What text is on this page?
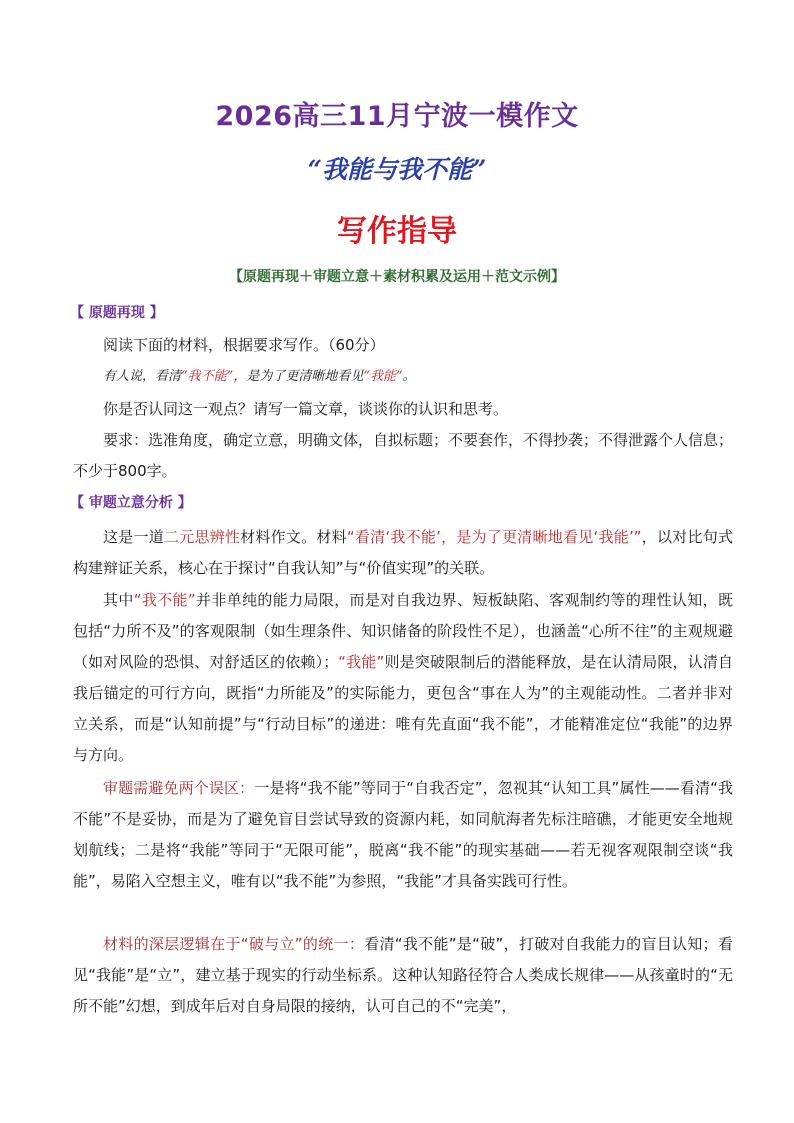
2026高三11月宁波一模作文
“我能与我不能”
写作指导
【原题再现＋审题立意＋素材积累及运用＋范文示例】
【 原题再现 】

阅读下面的材料，根据要求写作。（60分）

有人说，看清“我不能”，是为了更清晰地看见“我能”。

你是否认同这一观点？请写一篇文章，谈谈你的认识和思考。

要求：选准角度，确定立意，明确文体，自拟标题；不要套作，不得抄袭；不得泄露个人信息；不少于800字。

【 审题立意分析 】

这是一道二元思辨性材料作文。材料“看清‘我不能’，是为了更清晰地看见‘我能’”，以对比句式构建辩证关系，核心在于探讨“自我认知”与“价值实现”的关联。

其中“我不能”并非单纯的能力局限，而是对自我边界、短板缺陷、客观制约等的理性认知，既包括“力所不及”的客观限制（如生理条件、知识储备的阶段性不足），也涵盖“心所不往”的主观规避（如对风险的恐惧、对舒适区的依赖）；“我能”则是突破限制后的潜能释放，是在认清局限，认清自我后锚定的可行方向，既指“力所能及”的实际能力，更包含“事在人为”的主观能动性。二者并非对立关系，而是“认知前提”与“行动目标”的递进：唯有先直面“我不能”，才能精准定位“我能”的边界与方向。

审题需避免两个误区：一是将“我不能”等同于“自我否定”，忽视其“认知工具”属性——看清“我不能”不是妥协，而是为了避免盲目尝试导致的资源内耗，如同航海者先标注暗礁，才能更安全地规划航线；二是将“我能”等同于“无限可能”，脱离“我不能”的现实基础——若无视客观限制空谈“我能”，易陷入空想主义，唯有以“我不能”为参照，“我能”才具备实践可行性。

材料的深层逻辑在于“破与立”的统一：看清“我不能”是“破”，打破对自我能力的盲目认知；看见“我能”是“立”，建立基于现实的行动坐标系。这种认知路径符合人类成长规律——从孩童时的“无所不能”幻想，到成年后对自身局限的接纳，认可自己的不“完美”，
